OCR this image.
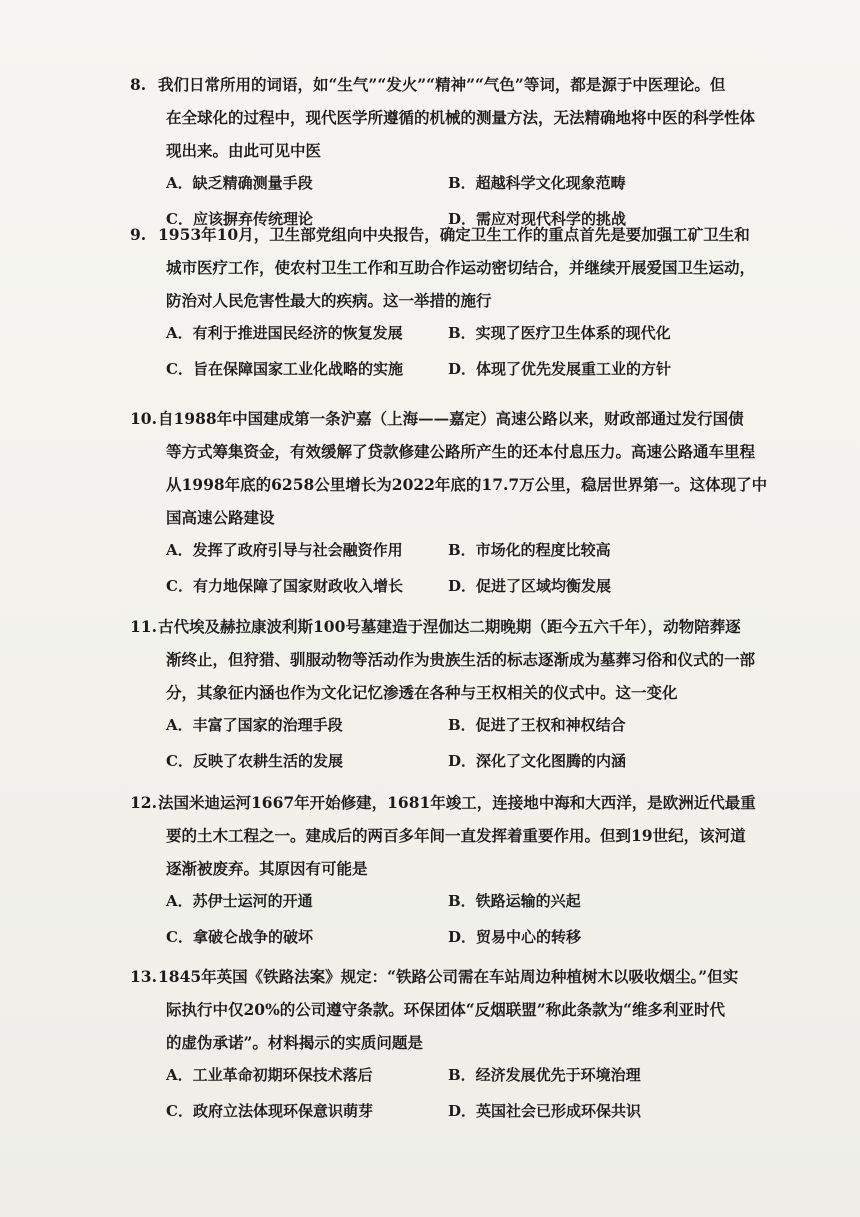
8. 我们日常所用的词语，如“生气”“发火”“精神”“气色”等词，都是源于中医理论。但
在全球化的过程中，现代医学所遵循的机械的测量方法，无法精确地将中医的科学性体
现出来。由此可见中医
A．缺乏精确测量手段	B．超越科学文化现象范畴
C．应该摒弃传统理论	D．需应对现代科学的挑战
9. 1953年10月，卫生部党组向中央报告，确定卫生工作的重点首先是要加强工矿卫生和
城市医疗工作，使农村卫生工作和互助合作运动密切结合，并继续开展爱国卫生运动，
防治对人民危害性最大的疾病。这一举措的施行
A．有利于推进国民经济的恢复发展	B．实现了医疗卫生体系的现代化
C．旨在保障国家工业化战略的实施	D．体现了优先发展重工业的方针
10.自1988年中国建成第一条沪嘉（上海——嘉定）高速公路以来，财政部通过发行国债
等方式筹集资金，有效缓解了贷款修建公路所产生的还本付息压力。高速公路通车里程
从1998年底的6258公里增长为2022年底的17.7万公里，稳居世界第一。这体现了中
国高速公路建设
A．发挥了政府引导与社会融资作用	B．市场化的程度比较高
C．有力地保障了国家财政收入增长	D．促进了区域均衡发展
11.古代埃及赫拉康波利斯100号墓建造于涅伽达二期晚期（距今五六千年），动物陪葬逐
渐终止，但狩猎、驯服动物等活动作为贵族生活的标志逐渐成为墓葬习俗和仪式的一部
分，其象征内涵也作为文化记忆渗透在各种与王权相关的仪式中。这一变化
A．丰富了国家的治理手段	B．促进了王权和神权结合
C．反映了农耕生活的发展	D．深化了文化图腾的内涵
12.法国米迪运河1667年开始修建，1681年竣工，连接地中海和大西洋，是欧洲近代最重
要的土木工程之一。建成后的两百多年间一直发挥着重要作用。但到19世纪，该河道
逐渐被废弃。其原因有可能是
A．苏伊士运河的开通	B．铁路运输的兴起
C．拿破仑战争的破坏	D．贸易中心的转移
13.1845年英国《铁路法案》规定：“铁路公司需在车站周边种植树木以吸收烟尘。”但实
际执行中仅20%的公司遵守条款。环保团体“反烟联盟”称此条款为“维多利亚时代
的虚伪承诺”。材料揭示的实质问题是
A．工业革命初期环保技术落后	B．经济发展优先于环境治理
C．政府立法体现环保意识萌芽	D．英国社会已形成环保共识
